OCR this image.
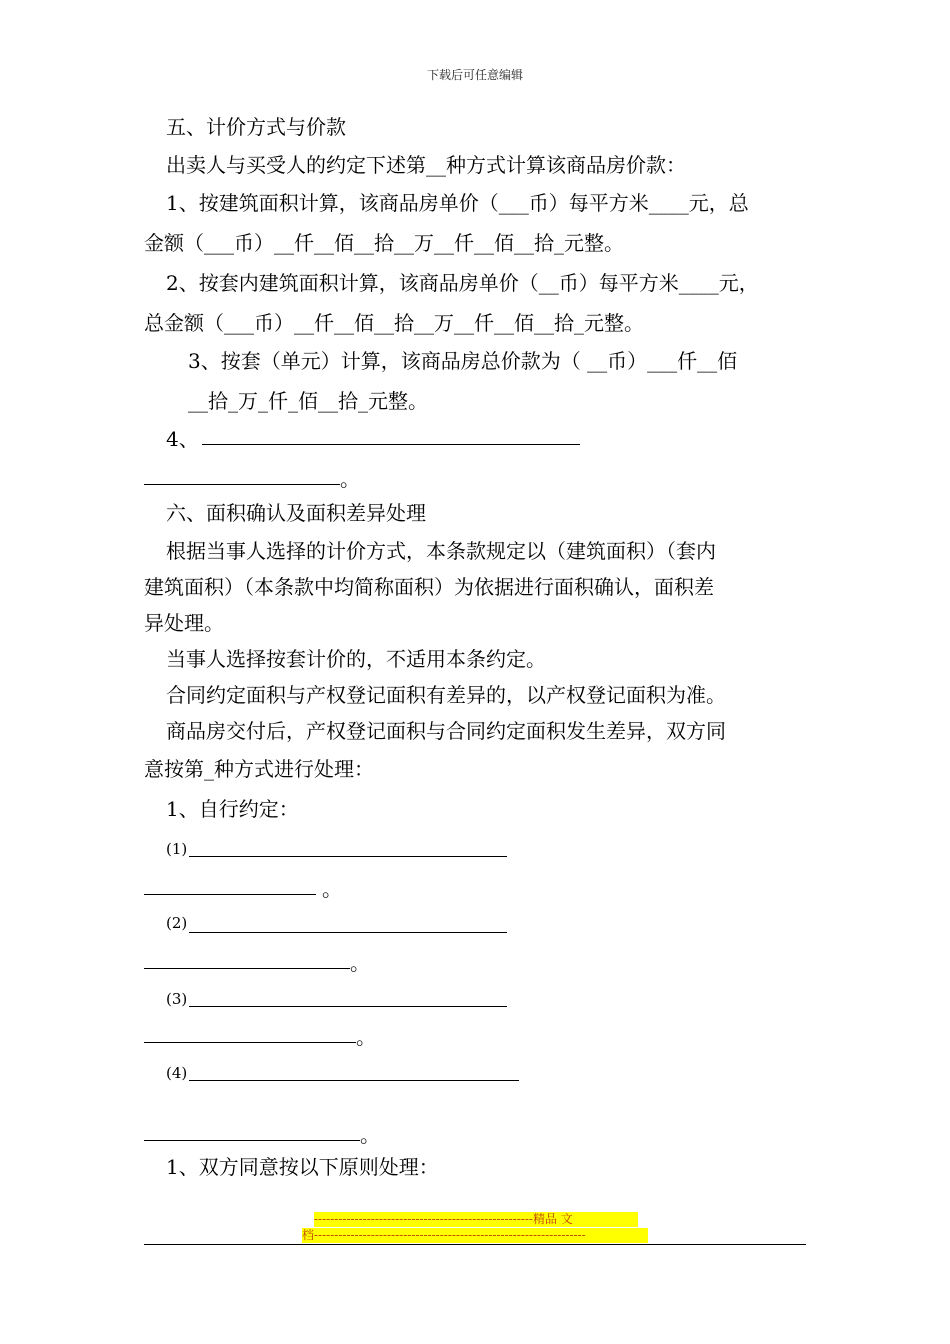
下载后可任意编辑
五、计价方式与价款
出卖人与买受人的约定下述第__种方式计算该商品房价款：
1、按建筑面积计算，该商品房单价（___币）每平方米____元，总
金额（___币）__仟__佰__拾__万__仟__佰__拾_元整。
2、按套内建筑面积计算，该商品房单价（__币）每平方米____元，
总金额（___币）__仟__佰__拾__万__仟__佰__拾_元整。
3、按套（单元）计算，该商品房总价款为（ __币）___仟__佰
__拾_万_仟_佰__拾_元整。
4、
。
六、面积确认及面积差异处理
根据当事人选择的计价方式，本条款规定以（建筑面积）（套内
建筑面积）（本条款中均简称面积）为依据进行面积确认，面积差
异处理。
当事人选择按套计价的，不适用本条约定。
合同约定面积与产权登记面积有差异的，以产权登记面积为准。
商品房交付后，产权登记面积与合同约定面积发生差异，双方同
意按第_种方式进行处理：
1、自行约定：
(1)
。
(2)
。
(3)
。
(4)
。
1、双方同意按以下原则处理：
------------------------------------------------------精品 文
档-------------------------------------------------------------------
